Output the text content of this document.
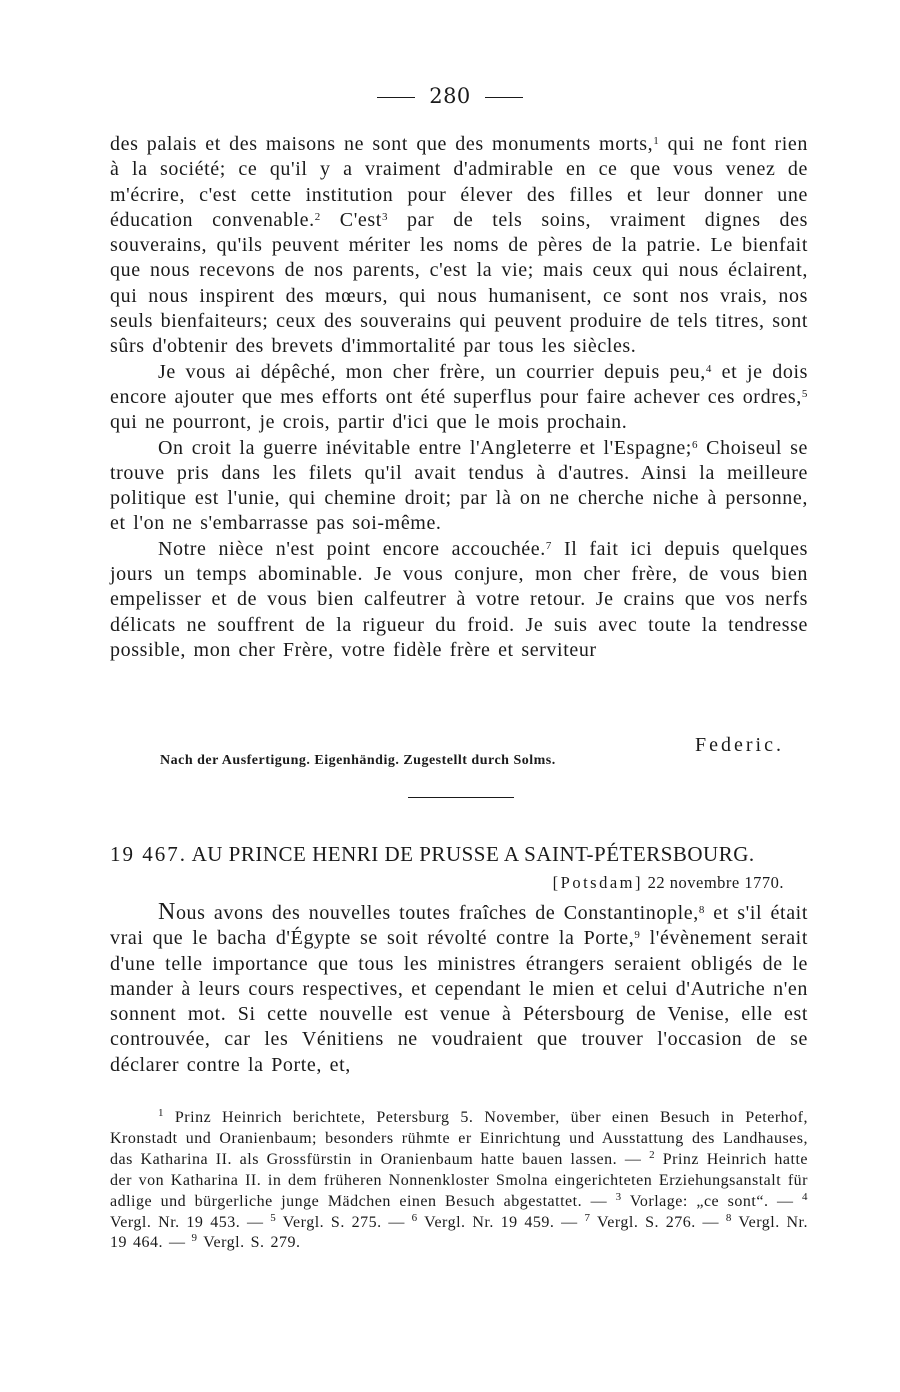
280

des palais et des maisons ne sont que des monuments morts,$^1$ qui ne font rien à la société; ce qu'il y a vraiment d'admirable en ce que vous venez de m'écrire, c'est cette institution pour élever des filles et leur donner une éducation convenable.$^2$ C'est$^3$ par de tels soins, vraiment dignes des souverains, qu'ils peuvent mériter les noms de pères de la patrie. Le bienfait que nous recevons de nos parents, c'est la vie; mais ceux qui nous éclairent, qui nous inspirent des mœurs, qui nous humanisent, ce sont nos vrais, nos seuls bienfaiteurs; ceux des souverains qui peuvent produire de tels titres, sont sûrs d'obtenir des brevets d'immortalité par tous les siècles.

Je vous ai dépêché, mon cher frère, un courrier depuis peu,$^4$ et je dois encore ajouter que mes efforts ont été superflus pour faire achever ces ordres,$^5$ qui ne pourront, je crois, partir d'ici que le mois prochain.

On croit la guerre inévitable entre l'Angleterre et l'Espagne;$^6$ Choiseul se trouve pris dans les filets qu'il avait tendus à d'autres. Ainsi la meilleure politique est l'unie, qui chemine droit; par là on ne cherche niche à personne, et l'on ne s'embarrasse pas soi-même.

Notre nièce n'est point encore accouchée.$^7$ Il fait ici depuis quelques jours un temps abominable. Je vous conjure, mon cher frère, de vous bien empelisser et de vous bien calfeutrer à votre retour. Je crains que vos nerfs délicats ne souffrent de la rigueur du froid. Je suis avec toute la tendresse possible, mon cher Frère, votre fidèle frère et serviteur

Federic.
Nach der Ausfertigung. Eigenhändig. Zugestellt durch Solms.
19 467. AU PRINCE HENRI DE PRUSSE A SAINT-PÉTERSBOURG.
[Potsdam] 22 novembre 1770.

Nous avons des nouvelles toutes fraîches de Constantinople,$^8$ et s'il était vrai que le bacha d'Égypte se soit révolté contre la Porte,$^9$ l'évènement serait d'une telle importance que tous les ministres étrangers seraient obligés de le mander à leurs cours respectives, et cependant le mien et celui d'Autriche n'en sonnent mot. Si cette nouvelle est venue à Pétersbourg de Venise, elle est controuvée, car les Vénitiens ne voudraient que trouver l'occasion de se déclarer contre la Porte, et,

$^1$ Prinz Heinrich berichtete, Petersburg 5. November, über einen Besuch in Peterhof, Kronstadt und Oranienbaum; besonders rühmte er Einrichtung und Ausstattung des Landhauses, das Katharina II. als Grossfürstin in Oranienbaum hatte bauen lassen. — $^2$ Prinz Heinrich hatte der von Katharina II. in dem früheren Nonnenkloster Smolna eingerichteten Erziehungsanstalt für adlige und bürgerliche junge Mädchen einen Besuch abgestattet. — $^3$ Vorlage: „ce sont“. — $^4$ Vergl. Nr. 19 453. — $^5$ Vergl. S. 275. — $^6$ Vergl. Nr. 19 459. — $^7$ Vergl. S. 276. — $^8$ Vergl. Nr. 19 464. — $^9$ Vergl. S. 279.
